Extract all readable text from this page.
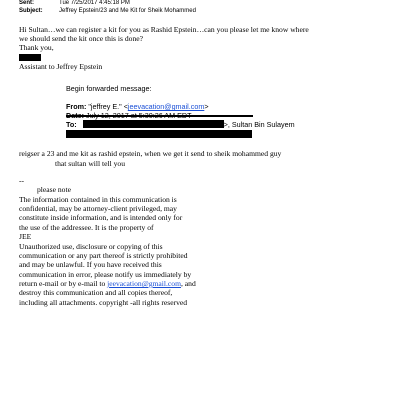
Sent:	Tue 7/25/2017 4:45:18 PM
Subject:	Jeffrey Epstein/23 and Me Kit for Sheik Mohammed
Hi Sultan…we can register a kit for you as Rashid Epstein…can you please let me know where
we should send the kit once this is done?
Thank you,
Assistant to Jeffrey Epstein
Begin forwarded message:
From: "jeffrey E." <jeevacation@gmail.com>
To:	>, Sultan Bin Sulayem
reigser a 23 and me kit as rashid epstein, when we get it send to sheik mohammed guy
that sultan will tell you
--
please note
The information contained in this communication is
confidential, may be attorney-client privileged, may
constitute inside information, and is intended only for
the use of the addressee. It is the property of
JEE
Unauthorized use, disclosure or copying of this
communication or any part thereof is strictly prohibited
and may be unlawful. If you have received this
communication in error, please notify us immediately by
return e-mail or by e-mail to jeevacation@gmail.com, and
destroy this communication and all copies thereof,
including all attachments. copyright -all rights reserved
